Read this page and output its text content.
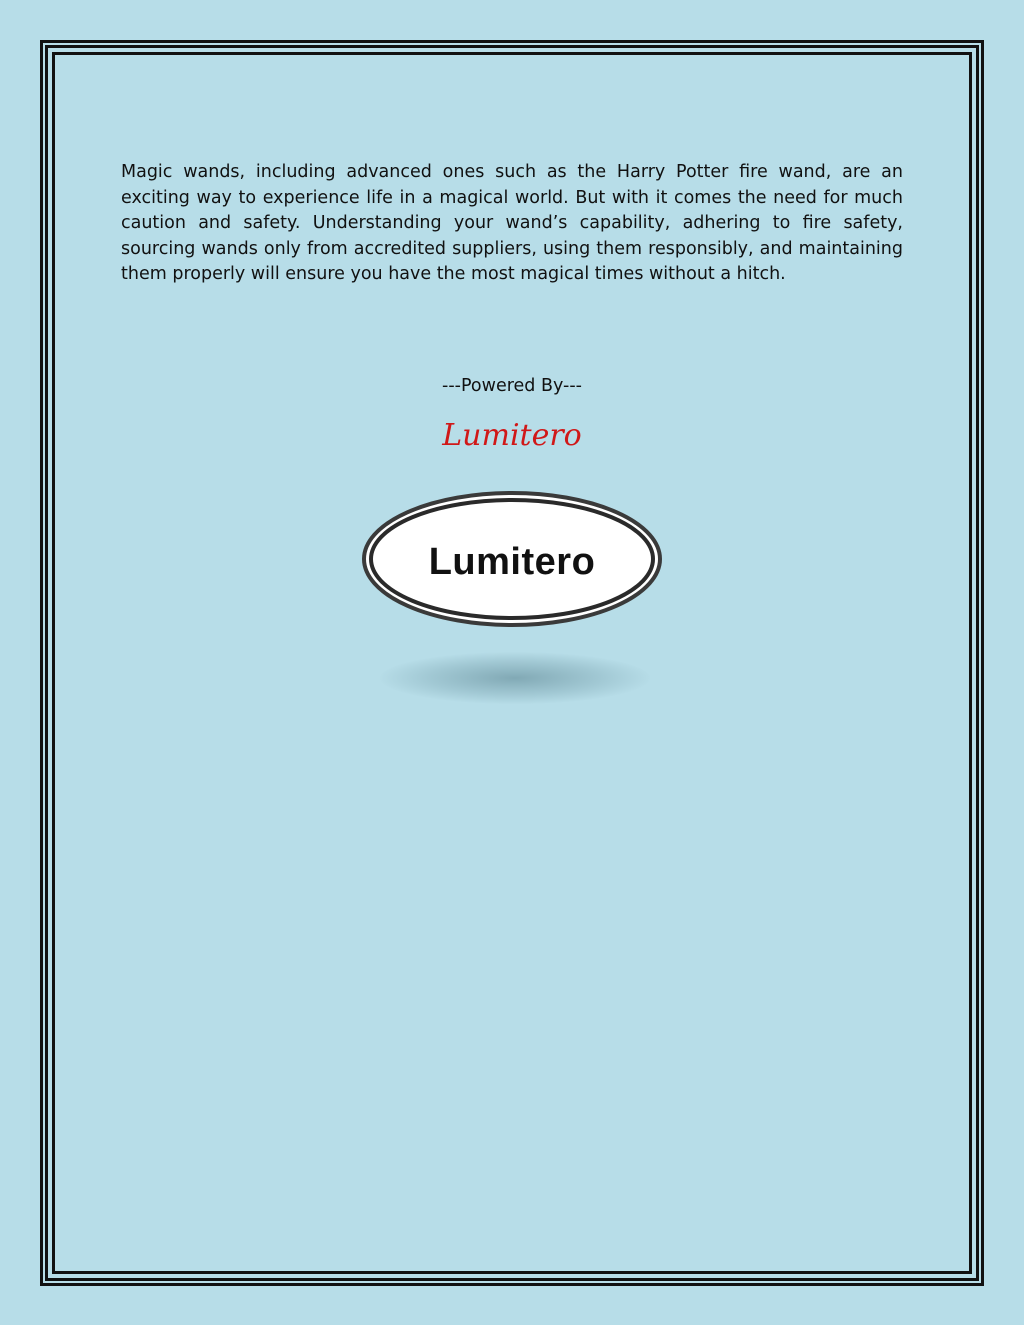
Magic wands, including advanced ones such as the Harry Potter fire wand, are an exciting way to experience life in a magical world. But with it comes the need for much caution and safety. Understanding your wand’s capability, adhering to fire safety, sourcing wands only from accredited suppliers, using them responsibly, and maintaining them properly will ensure you have the most magical times without a hitch.

---Powered By---
Lumitero
Lumitero
